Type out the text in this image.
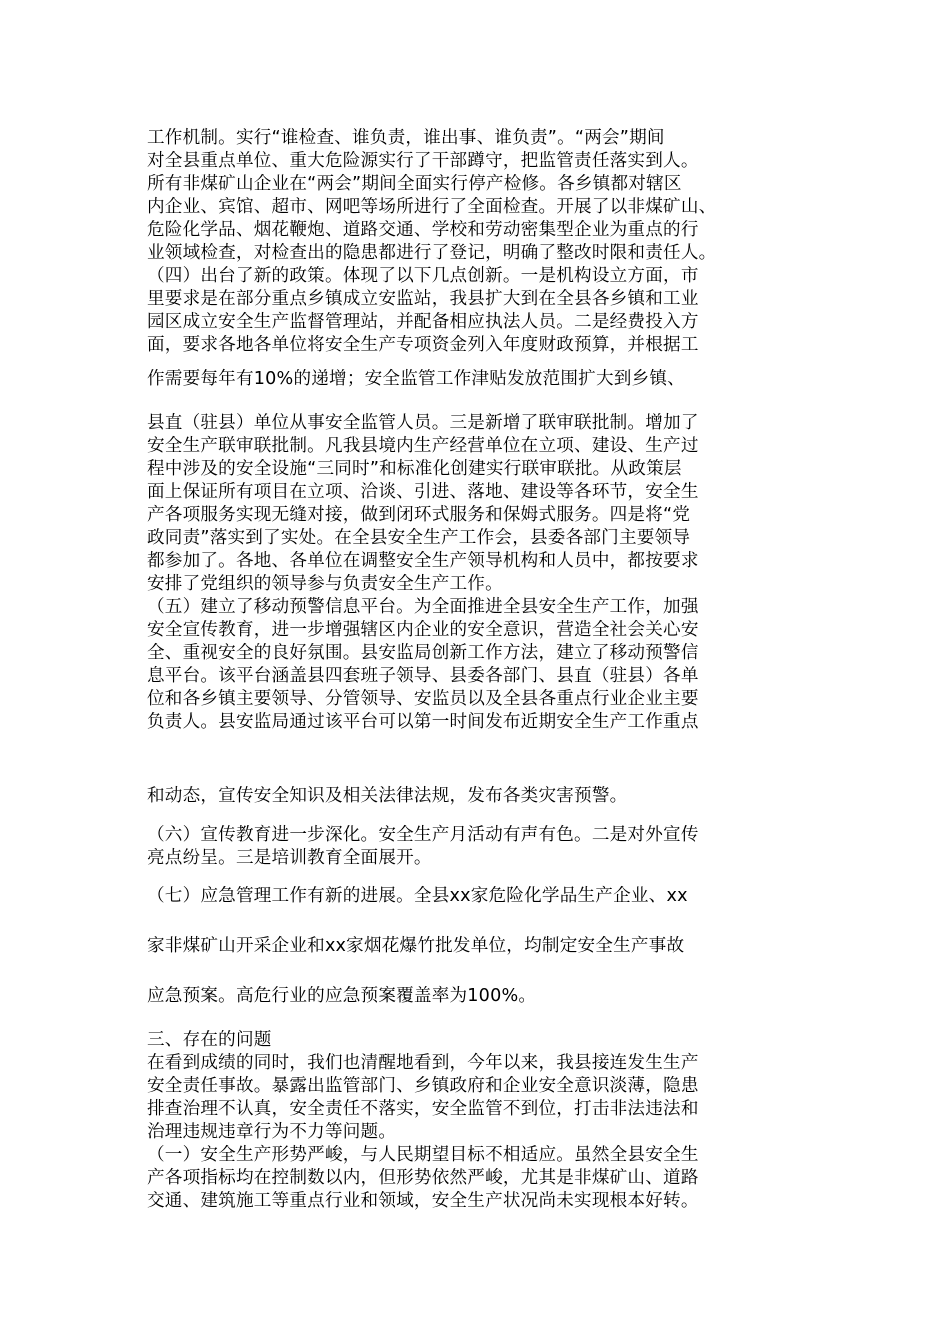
工作机制。实行“谁检查、谁负责，谁出事、谁负责”。“两会”期间
对全县重点单位、重大危险源实行了干部蹲守，把监管责任落实到人。
所有非煤矿山企业在“两会”期间全面实行停产检修。各乡镇都对辖区
内企业、宾馆、超市、网吧等场所进行了全面检查。开展了以非煤矿山、
危险化学品、烟花鞭炮、道路交通、学校和劳动密集型企业为重点的行
业领域检查，对检查出的隐患都进行了登记，明确了整改时限和责任人。
（四）出台了新的政策。体现了以下几点创新。一是机构设立方面，市
里要求是在部分重点乡镇成立安监站，我县扩大到在全县各乡镇和工业
园区成立安全生产监督管理站，并配备相应执法人员。二是经费投入方
面，要求各地各单位将安全生产专项资金列入年度财政预算，并根据工
作需要每年有10%的递增；安全监管工作津贴发放范围扩大到乡镇、
县直（驻县）单位从事安全监管人员。三是新增了联审联批制。增加了
安全生产联审联批制。凡我县境内生产经营单位在立项、建设、生产过
程中涉及的安全设施“三同时”和标准化创建实行联审联批。从政策层
面上保证所有项目在立项、洽谈、引进、落地、建设等各环节，安全生
产各项服务实现无缝对接，做到闭环式服务和保姆式服务。四是将“党
政同责”落实到了实处。在全县安全生产工作会，县委各部门主要领导
都参加了。各地、各单位在调整安全生产领导机构和人员中，都按要求
安排了党组织的领导参与负责安全生产工作。
（五）建立了移动预警信息平台。为全面推进全县安全生产工作，加强
安全宣传教育，进一步增强辖区内企业的安全意识，营造全社会关心安
全、重视安全的良好氛围。县安监局创新工作方法，建立了移动预警信
息平台。该平台涵盖县四套班子领导、县委各部门、县直（驻县）各单
位和各乡镇主要领导、分管领导、安监员以及全县各重点行业企业主要
负责人。县安监局通过该平台可以第一时间发布近期安全生产工作重点
和动态，宣传安全知识及相关法律法规，发布各类灾害预警。
（六）宣传教育进一步深化。安全生产月活动有声有色。二是对外宣传
亮点纷呈。三是培训教育全面展开。
（七）应急管理工作有新的进展。全县xx家危险化学品生产企业、xx
家非煤矿山开采企业和xx家烟花爆竹批发单位，均制定安全生产事故
应急预案。高危行业的应急预案覆盖率为100%。
三、存在的问题
在看到成绩的同时，我们也清醒地看到，今年以来，我县接连发生生产
安全责任事故。暴露出监管部门、乡镇政府和企业安全意识淡薄，隐患
排查治理不认真，安全责任不落实，安全监管不到位，打击非法违法和
治理违规违章行为不力等问题。
（一）安全生产形势严峻，与人民期望目标不相适应。虽然全县安全生
产各项指标均在控制数以内，但形势依然严峻，尤其是非煤矿山、道路
交通、建筑施工等重点行业和领域，安全生产状况尚未实现根本好转。
